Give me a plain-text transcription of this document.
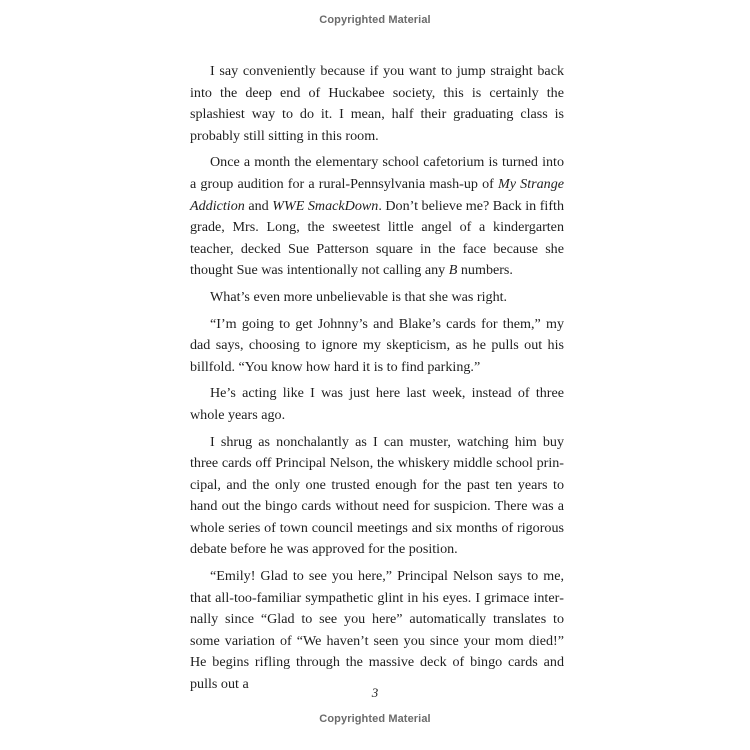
Copyrighted Material

I say conveniently because if you want to jump straight back into the deep end of Huckabee society, this is certainly the splashiest way to do it. I mean, half their graduating class is probably still sitting in this room.

Once a month the elementary school cafetorium is turned into a group audition for a rural-Pennsylvania mash-up of My Strange Addiction and WWE SmackDown. Don’t believe me? Back in fifth grade, Mrs. Long, the sweetest little angel of a kindergarten teacher, decked Sue Patterson square in the face because she thought Sue was intentionally not calling any B numbers.

What’s even more unbelievable is that she was right.

“I’m going to get Johnny’s and Blake’s cards for them,” my dad says, choosing to ignore my skepticism, as he pulls out his billfold. “You know how hard it is to find parking.”

He’s acting like I was just here last week, instead of three whole years ago.

I shrug as nonchalantly as I can muster, watching him buy three cards off Principal Nelson, the whiskery middle school principal, and the only one trusted enough for the past ten years to hand out the bingo cards without need for suspicion. There was a whole series of town council meetings and six months of rigorous debate before he was approved for the position.

“Emily! Glad to see you here,” Principal Nelson says to me, that all-too-familiar sympathetic glint in his eyes. I grimace internally since “Glad to see you here” automatically translates to some variation of “We haven’t seen you since your mom died!” He begins rifling through the massive deck of bingo cards and pulls out a

3
Copyrighted Material
